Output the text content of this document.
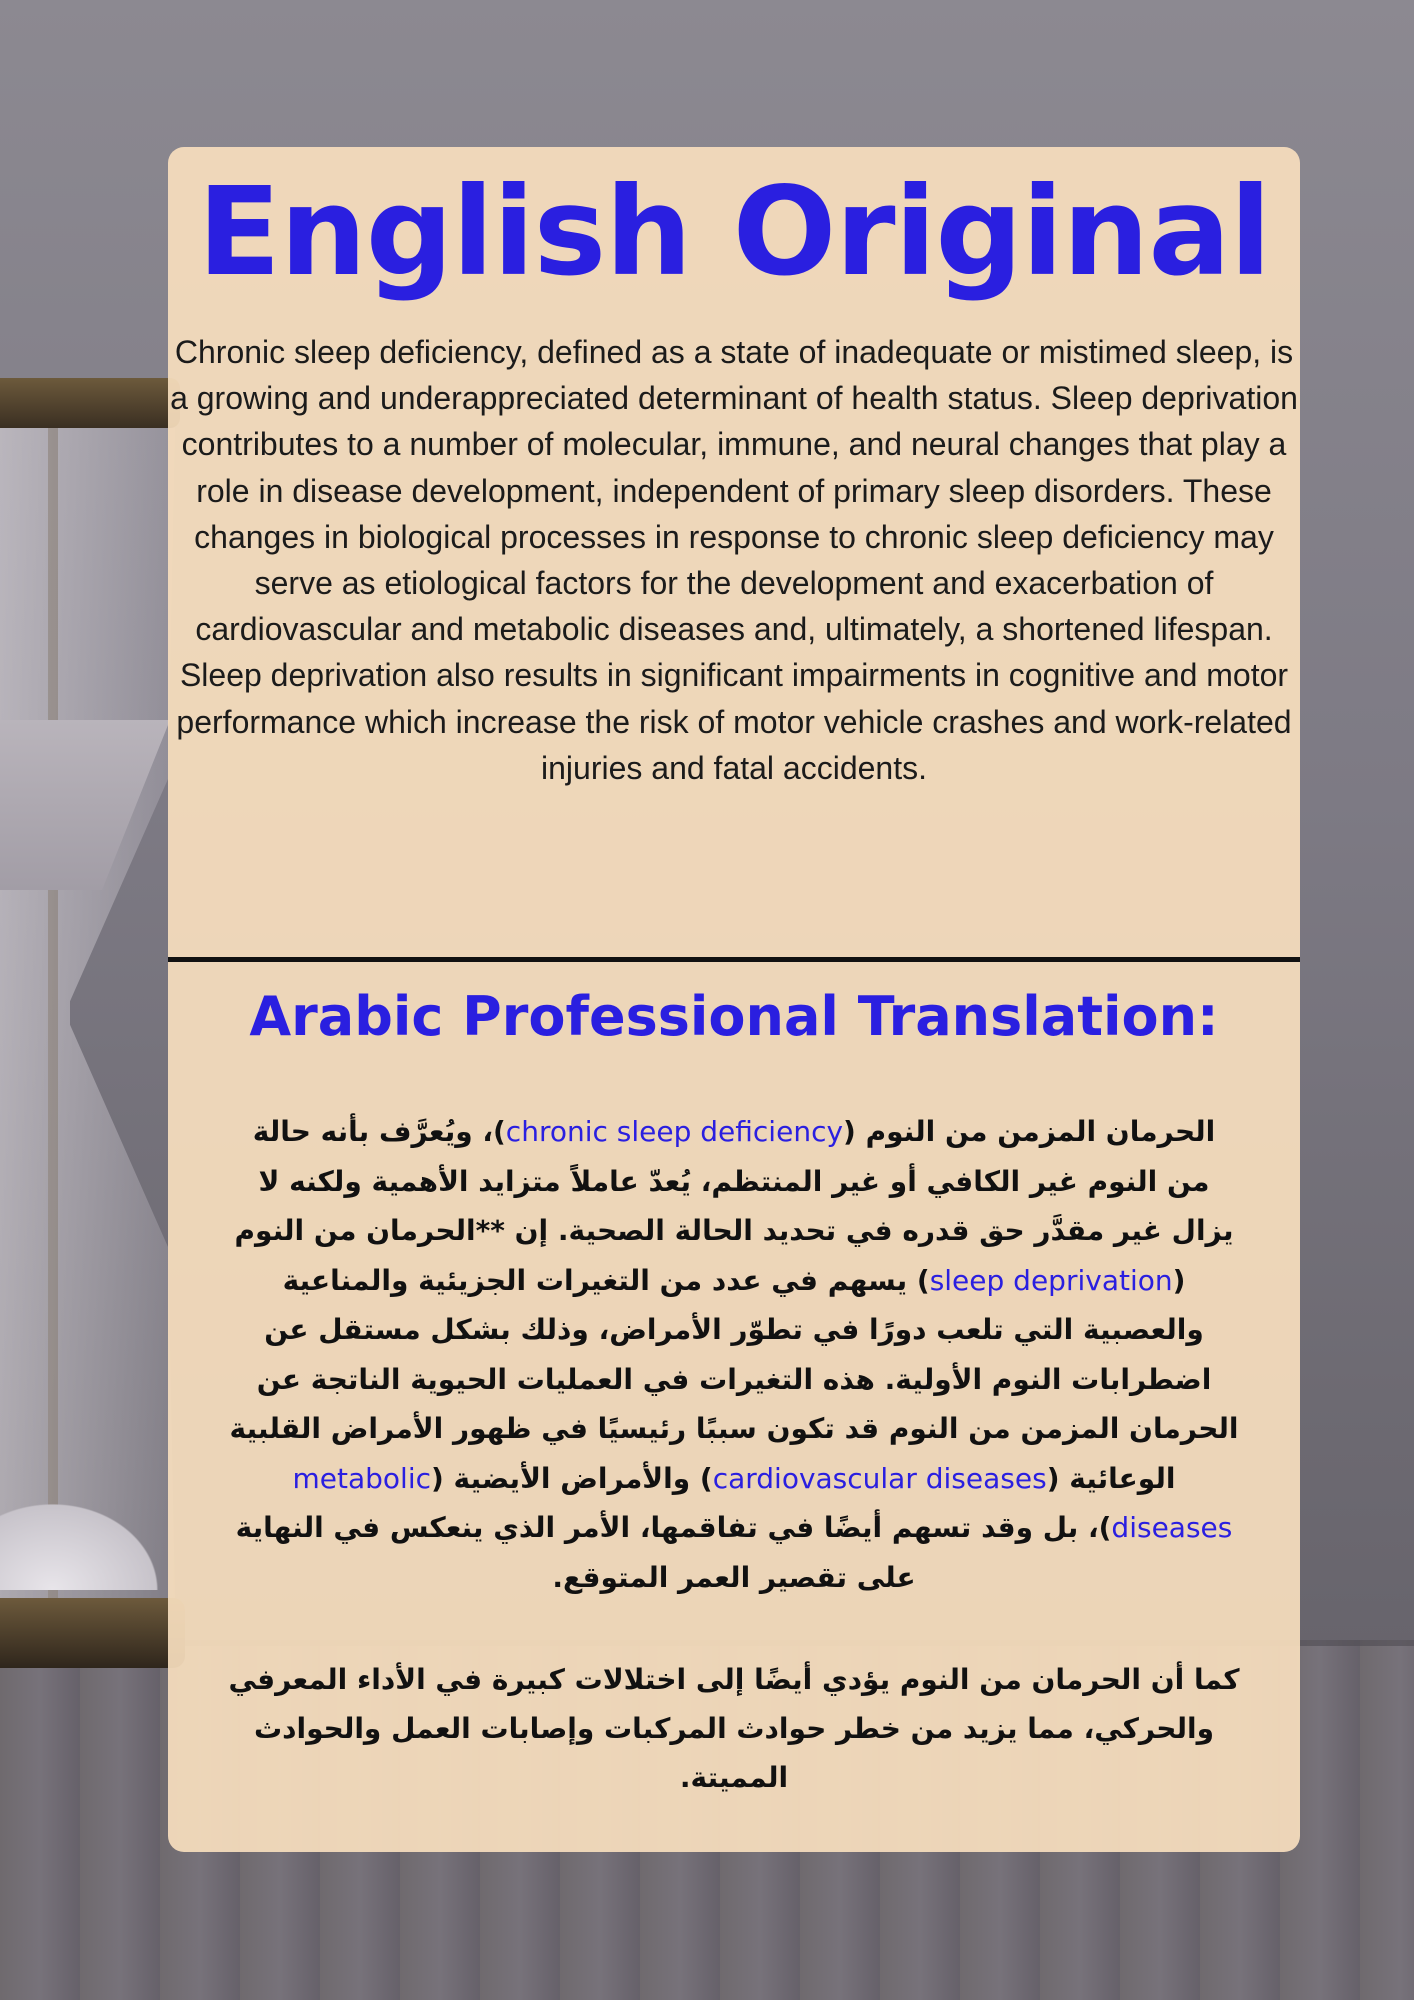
English Original

Chronic sleep deficiency, defined as a state of inadequate or mistimed sleep, is a growing and underappreciated determinant of health status. Sleep deprivation contributes to a number of molecular, immune, and neural changes that play a role in disease development, independent of primary sleep disorders. These changes in biological processes in response to chronic sleep deficiency may serve as etiological factors for the development and exacerbation of cardiovascular and metabolic diseases and, ultimately, a shortened lifespan. Sleep deprivation also results in significant impairments in cognitive and motor performance which increase the risk of motor vehicle crashes and work-related injuries and fatal accidents.

Arabic Professional Translation:

الحرمان المزمن من النوم (chronic sleep deficiency)، ويُعرَّف بأنه حالة من النوم غير الكافي أو غير المنتظم، يُعدّ عاملاً متزايد الأهمية ولكنه لا يزال غير مقدَّر حق قدره في تحديد الحالة الصحية. إن **الحرمان من النوم (sleep deprivation) يسهم في عدد من التغيرات الجزيئية والمناعية والعصبية التي تلعب دورًا في تطوّر الأمراض، وذلك بشكل مستقل عن اضطرابات النوم الأولية. هذه التغيرات في العمليات الحيوية الناتجة عن الحرمان المزمن من النوم قد تكون سببًا رئيسيًا في ظهور الأمراض القلبية الوعائية (cardiovascular diseases) والأمراض الأيضية (metabolic diseases)، بل وقد تسهم أيضًا في تفاقمها، الأمر الذي ينعكس في النهاية على تقصير العمر المتوقع.

كما أن الحرمان من النوم يؤدي أيضًا إلى اختلالات كبيرة في الأداء المعرفي والحركي، مما يزيد من خطر حوادث المركبات وإصابات العمل والحوادث المميتة.
